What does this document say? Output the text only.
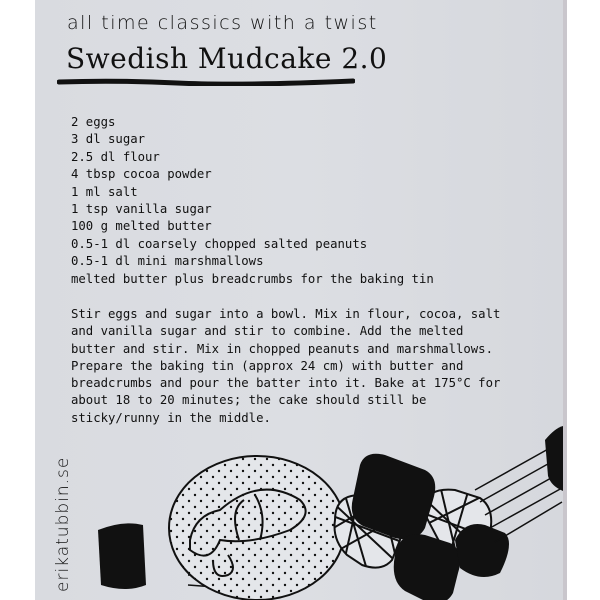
all time classics with a twist
Swedish Mudcake 2.0
2 eggs
3 dl sugar
2.5 dl flour
4 tbsp cocoa powder
1 ml salt
1 tsp vanilla sugar
100 g melted butter
0.5-1 dl coarsely chopped salted peanuts
0.5-1 dl mini marshmallows
melted butter plus breadcrumbs for the baking tin
Stir eggs and sugar into a bowl. Mix in flour, cocoa, salt
and vanilla sugar and stir to combine. Add the melted
butter and stir. Mix in chopped peanuts and marshmallows.
Prepare the baking tin (approx 24 cm) with butter and
breadcrumbs and pour the batter into it. Bake at 175°C for
about 18 to 20 minutes; the cake should still be
sticky/runny in the middle.
erikatubbin.se
